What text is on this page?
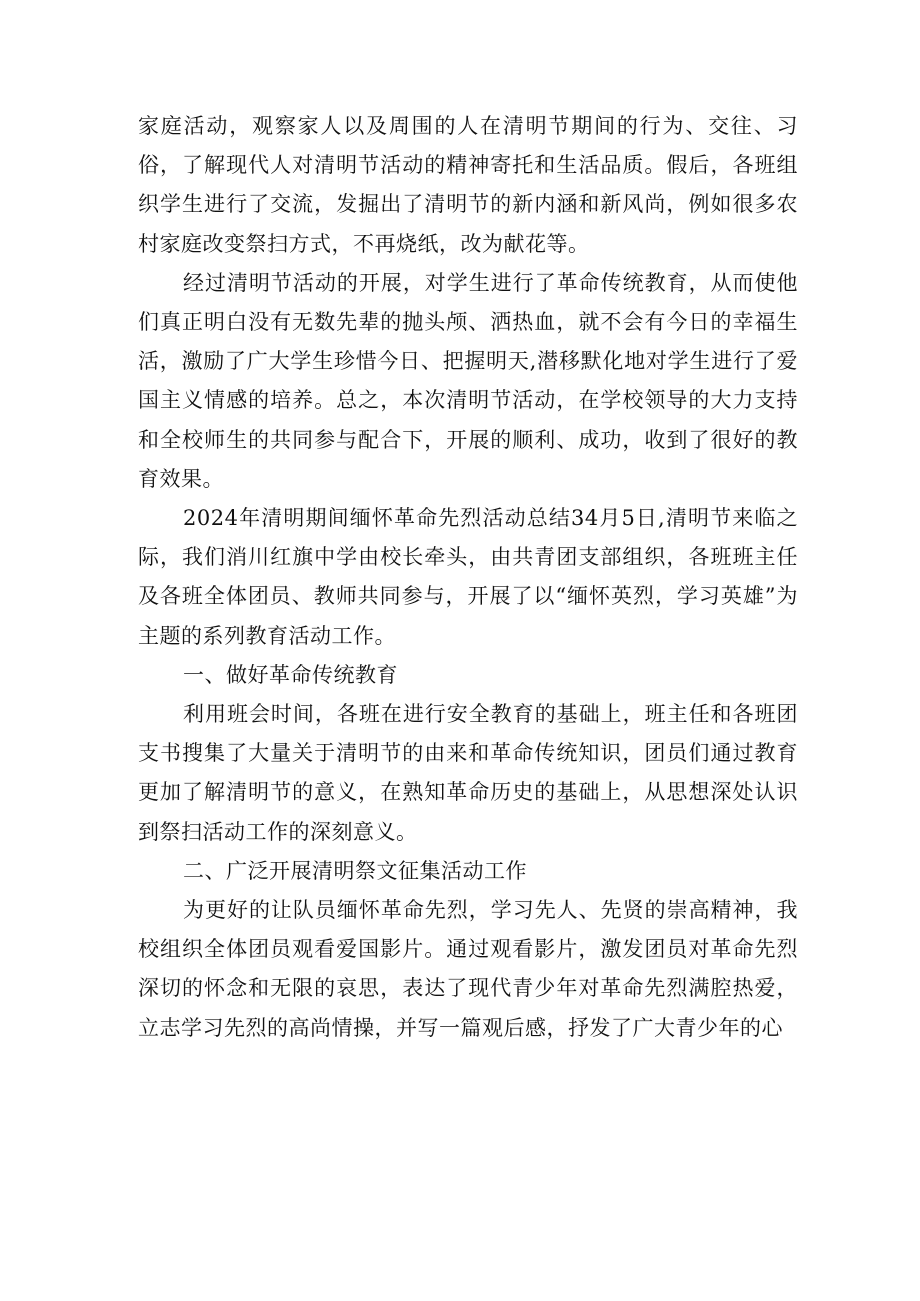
家庭活动，观察家人以及周围的人在清明节期间的行为、交往、习俗，了解现代人对清明节活动的精神寄托和生活品质。假后，各班组织学生进行了交流，发掘出了清明节的新内涵和新风尚，例如很多农村家庭改变祭扫方式，不再烧纸，改为献花等。

经过清明节活动的开展，对学生进行了革命传统教育，从而使他们真正明白没有无数先辈的抛头颅、洒热血，就不会有今日的幸福生活，激励了广大学生珍惜今日、把握明天,潜移默化地对学生进行了爱国主义情感的培养。总之，本次清明节活动，在学校领导的大力支持和全校师生的共同参与配合下，开展的顺利、成功，收到了很好的教育效果。

2024年清明期间缅怀革命先烈活动总结34月5日,清明节来临之际，我们消川红旗中学由校长牵头，由共青团支部组织，各班班主任及各班全体团员、教师共同参与，开展了以“缅怀英烈，学习英雄”为主题的系列教育活动工作。

一、做好革命传统教育

利用班会时间，各班在进行安全教育的基础上，班主任和各班团支书搜集了大量关于清明节的由来和革命传统知识，团员们通过教育更加了解清明节的意义，在熟知革命历史的基础上，从思想深处认识到祭扫活动工作的深刻意义。

二、广泛开展清明祭文征集活动工作

为更好的让队员缅怀革命先烈，学习先人、先贤的崇高精神，我校组织全体团员观看爱国影片。通过观看影片，激发团员对革命先烈深切的怀念和无限的哀思，表达了现代青少年对革命先烈满腔热爱，立志学习先烈的高尚情操，并写一篇观后感，抒发了广大青少年的心
